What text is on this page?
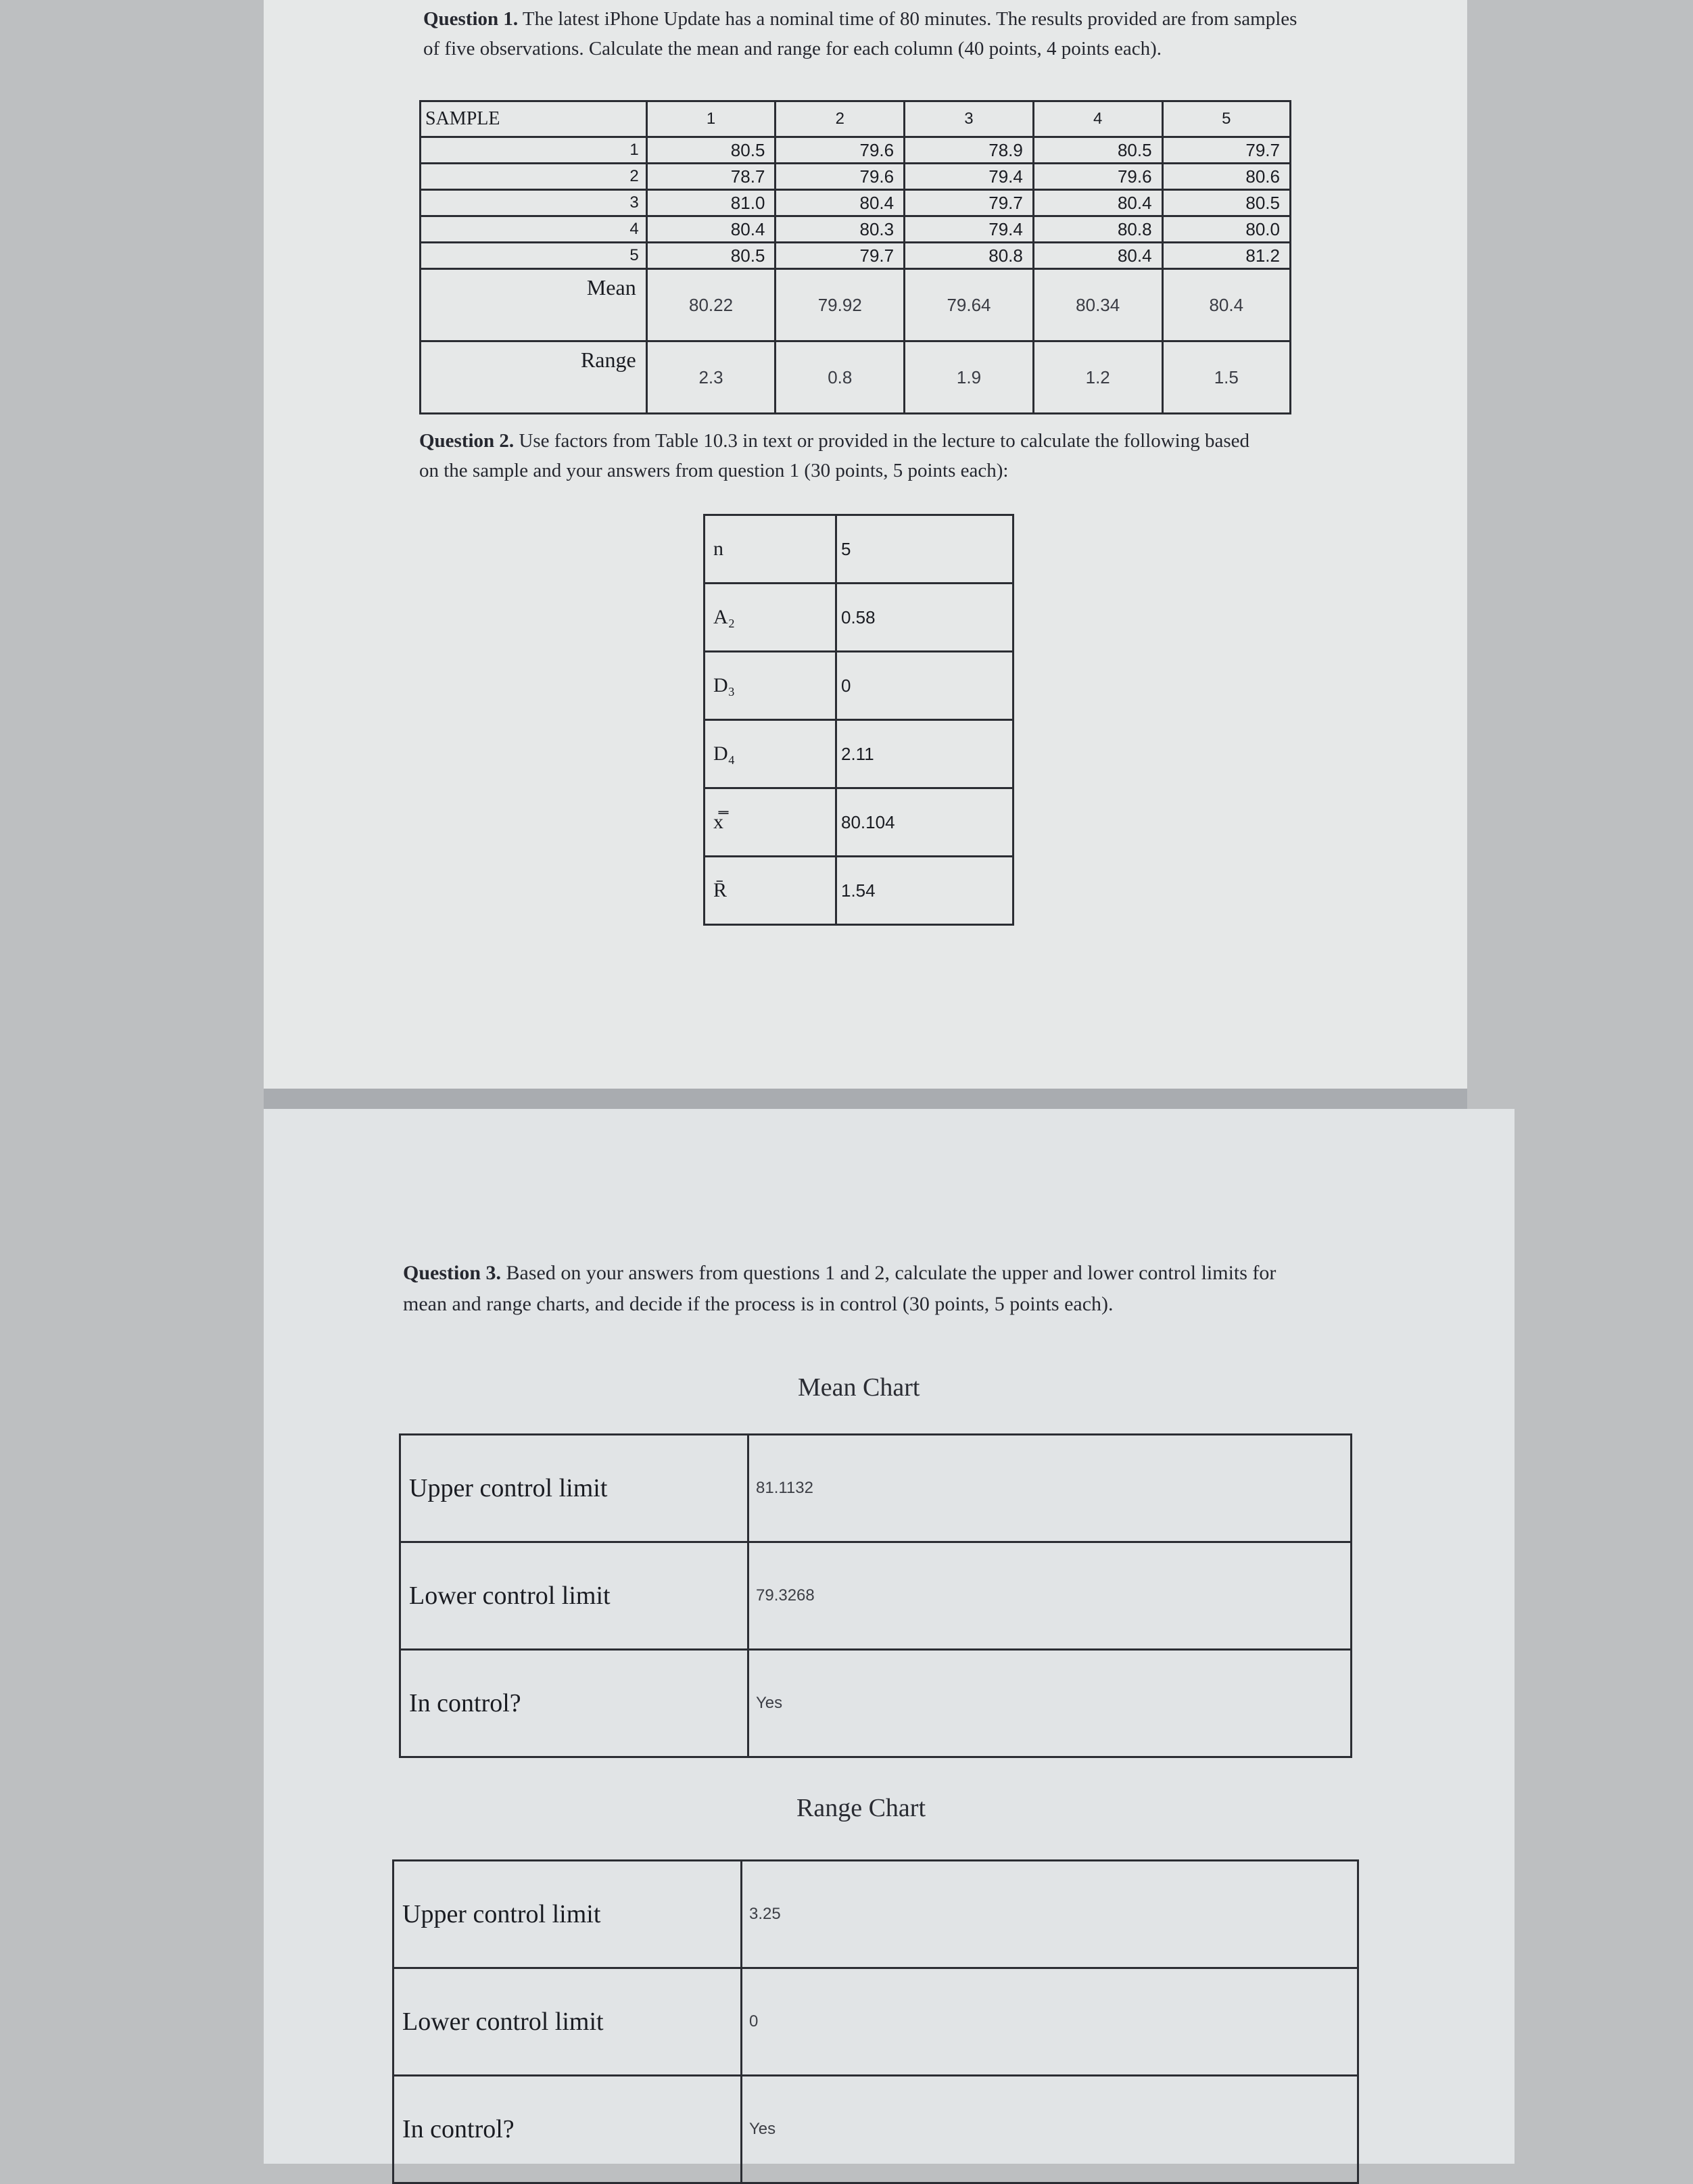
Question 1. The latest iPhone Update has a nominal time of 80 minutes. The results provided are from samples of five observations. Calculate the mean and range for each column (40 points, 4 points each).

SAMPLE	1	2	3	4	5
1	80.5	79.6	78.9	80.5	79.7
2	78.7	79.6	79.4	79.6	80.6
3	81.0	80.4	79.7	80.4	80.5
4	80.4	80.3	79.4	80.8	80.0
5	80.5	79.7	80.8	80.4	81.2
Mean	80.22	79.92	79.64	80.34	80.4
Range	2.3	0.8	1.9	1.2	1.5

Question 2. Use factors from Table 10.3 in text or provided in the lecture to calculate the following based on the sample and your answers from question 1 (30 points, 5 points each):

n	5
A₂	0.58
D₃	0
D₄	2.11
x̿	80.104
R̄	1.54

Question 3. Based on your answers from questions 1 and 2, calculate the upper and lower control limits for mean and range charts, and decide if the process is in control (30 points, 5 points each).

Mean Chart
Upper control limit	81.1132
Lower control limit	79.3268
In control?	Yes
Range Chart
Upper control limit	3.25
Lower control limit	0
In control?	Yes
